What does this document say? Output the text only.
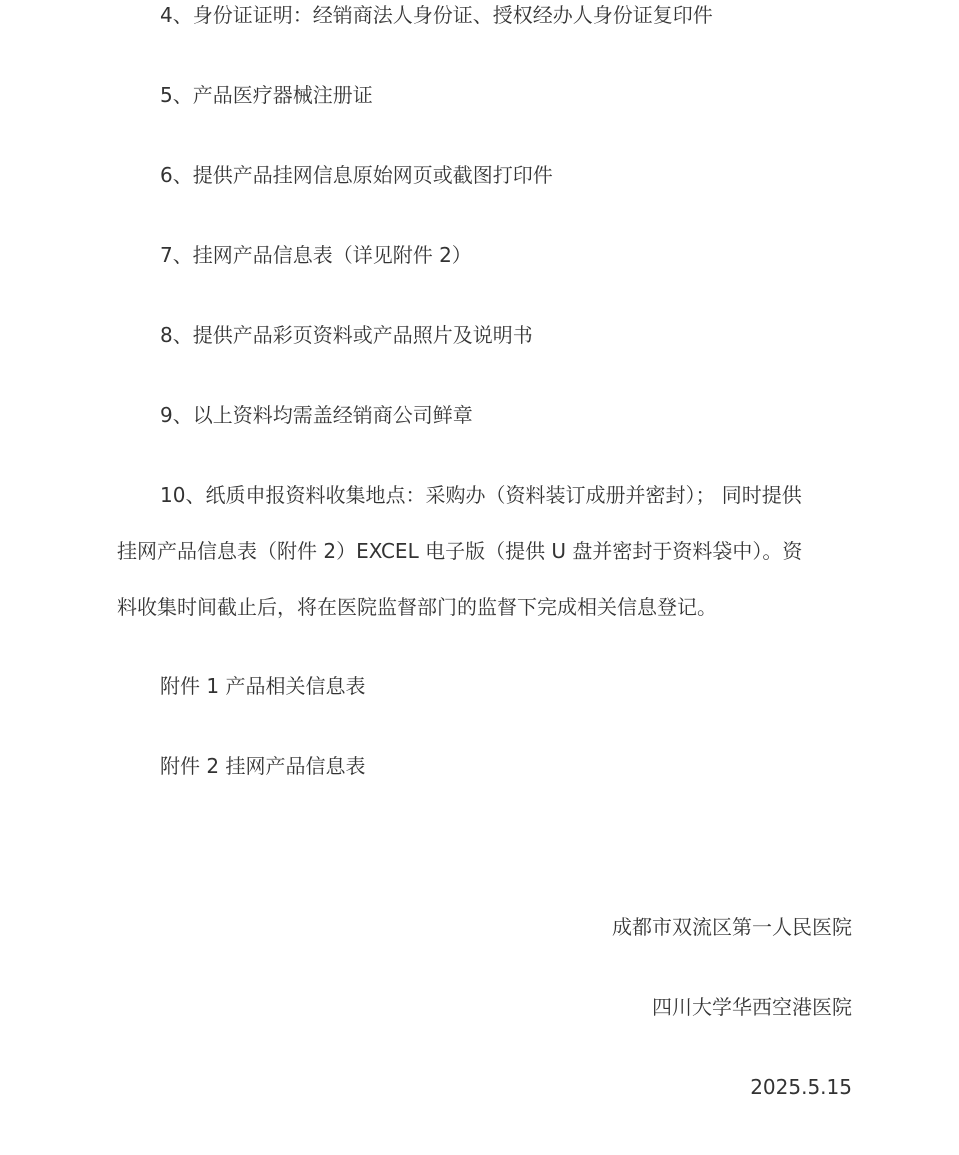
4、身份证证明：经销商法人身份证、授权经办人身份证复印件
5、产品医疗器械注册证
6、提供产品挂网信息原始网页或截图打印件
7、挂网产品信息表（详见附件 2）
8、提供产品彩页资料或产品照片及说明书
9、以上资料均需盖经销商公司鲜章
10、纸质申报资料收集地点：采购办（资料装订成册并密封）； 同时提供
挂网产品信息表（附件 2）EXCEL 电子版（提供 U 盘并密封于资料袋中）。资
料收集时间截止后，将在医院监督部门的监督下完成相关信息登记。
附件 1 产品相关信息表
附件 2 挂网产品信息表
成都市双流区第一人民医院
四川大学华西空港医院
2025.5.15
